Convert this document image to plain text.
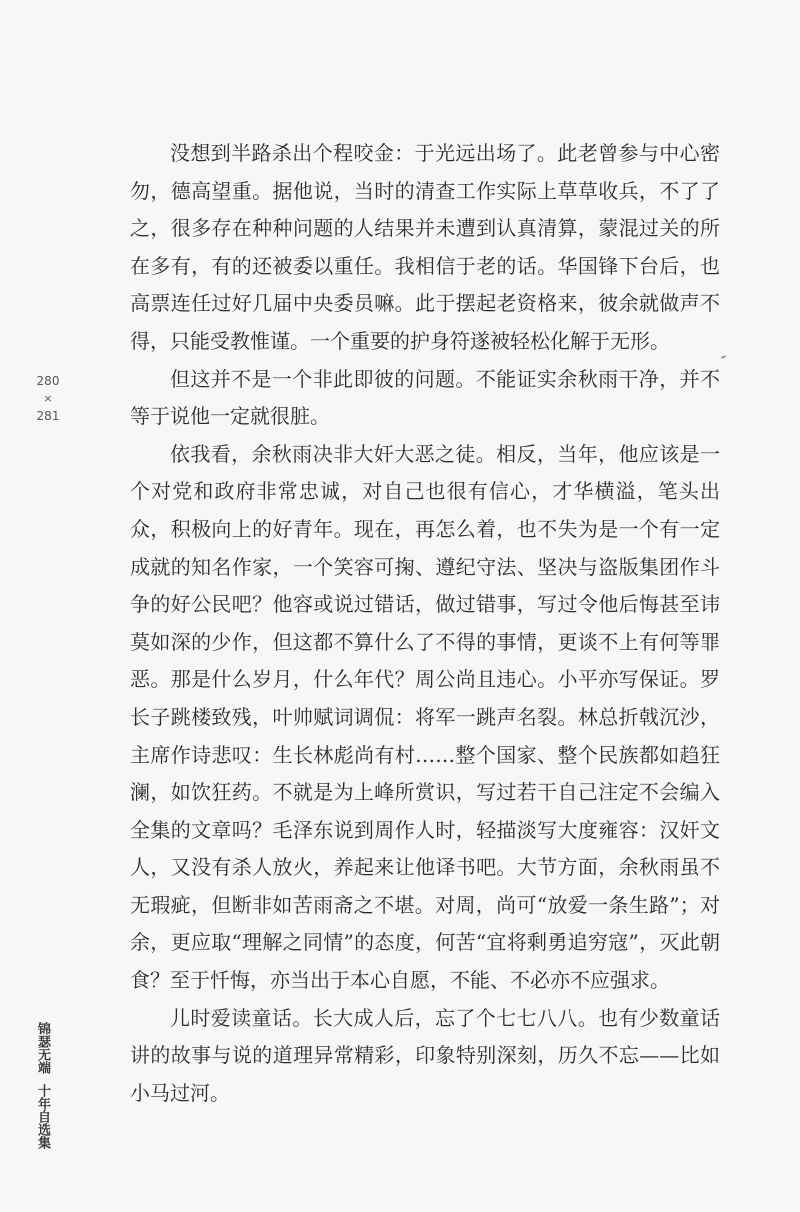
没想到半路杀出个程咬金：于光远出场了。此老曾参与中心密勿，德高望重。据他说，当时的清查工作实际上草草收兵，不了了之，很多存在种种问题的人结果并未遭到认真清算，蒙混过关的所在多有，有的还被委以重任。我相信于老的话。华国锋下台后，也高票连任过好几届中央委员嘛。此于摆起老资格来，彼余就做声不得，只能受教惟谨。一个重要的护身符遂被轻松化解于无形。

但这并不是一个非此即彼的问题。不能证实余秋雨干净，并不等于说他一定就很脏。

依我看，余秋雨决非大奸大恶之徒。相反，当年，他应该是一个对党和政府非常忠诚，对自己也很有信心，才华横溢，笔头出众，积极向上的好青年。现在，再怎么着，也不失为是一个有一定成就的知名作家，一个笑容可掬、遵纪守法、坚决与盗版集团作斗争的好公民吧？他容或说过错话，做过错事，写过令他后悔甚至讳莫如深的少作，但这都不算什么了不得的事情，更谈不上有何等罪恶。那是什么岁月，什么年代？周公尚且违心。小平亦写保证。罗长子跳楼致残，叶帅赋词调侃：将军一跳声名裂。林总折戟沉沙，主席作诗悲叹：生长林彪尚有村……整个国家、整个民族都如趋狂澜，如饮狂药。不就是为上峰所赏识，写过若干自己注定不会编入全集的文章吗？毛泽东说到周作人时，轻描淡写大度雍容：汉奸文人，又没有杀人放火，养起来让他译书吧。大节方面，余秋雨虽不无瑕疵，但断非如苦雨斋之不堪。对周，尚可“放爱一条生路”；对余，更应取“理解之同情”的态度，何苦“宜将剩勇追穷寇”，灭此朝食？至于忏悔，亦当出于本心自愿，不能、不必亦不应强求。

儿时爱读童话。长大成人后，忘了个七七八八。也有少数童话讲的故事与说的道理异常精彩，印象特别深刻，历久不忘——比如小马过河。

280
×
281
锦瑟无端
十年自选集
